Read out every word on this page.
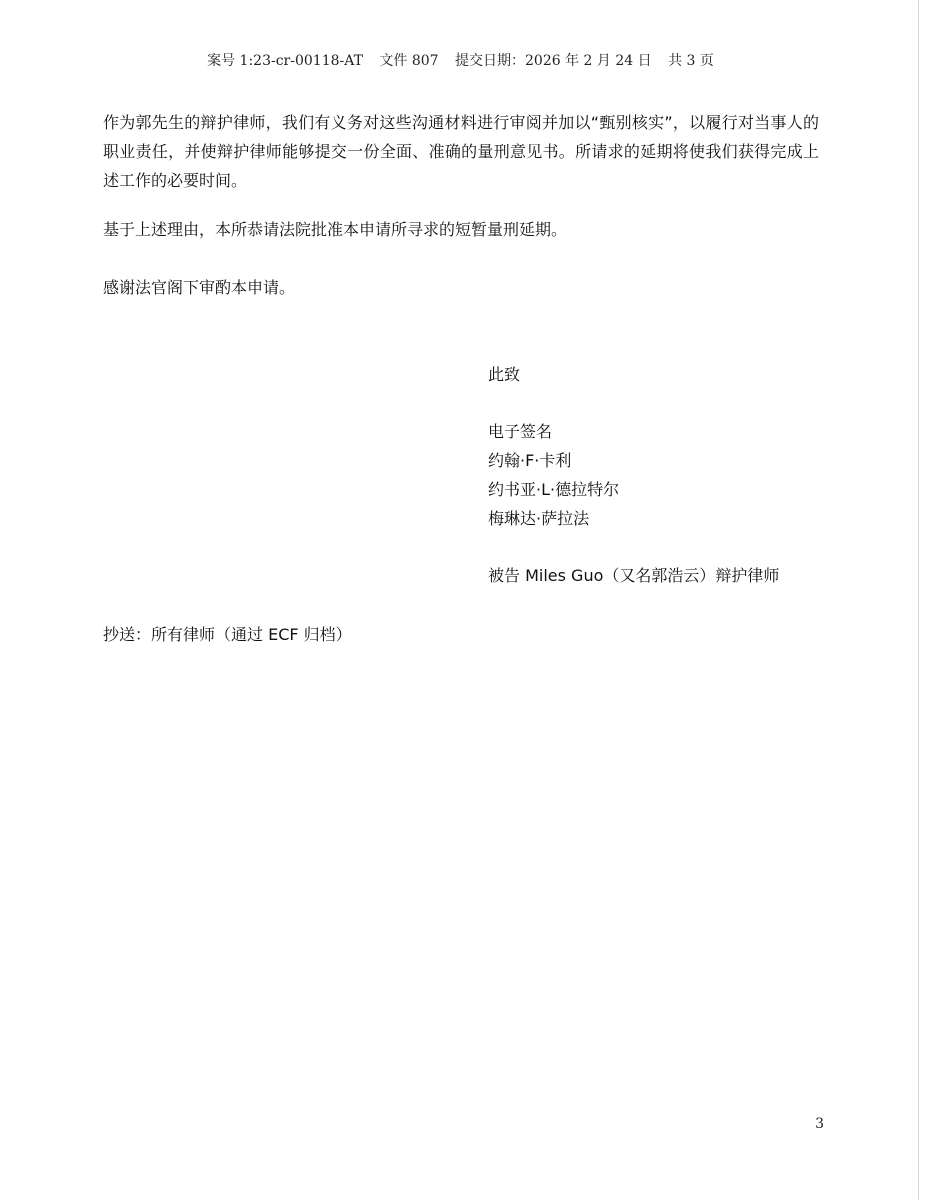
案号 1:23-cr-00118-AT 文件 807 提交日期：2026 年 2 月 24 日 共 3 页
作为郭先生的辩护律师，我们有义务对这些沟通材料进行审阅并加以“甄别核实”，以履行对当事人的职业责任，并使辩护律师能够提交一份全面、准确的量刑意见书。所请求的延期将使我们获得完成上述工作的必要时间。
基于上述理由，本所恭请法院批准本申请所寻求的短暂量刑延期。
感谢法官阁下审酌本申请。
此致
电子签名
约翰·F·卡利
约书亚·L·德拉特尔
梅琳达·萨拉法
被告 Miles Guo（又名郭浩云）辩护律师
抄送：所有律师（通过 ECF 归档）
3
